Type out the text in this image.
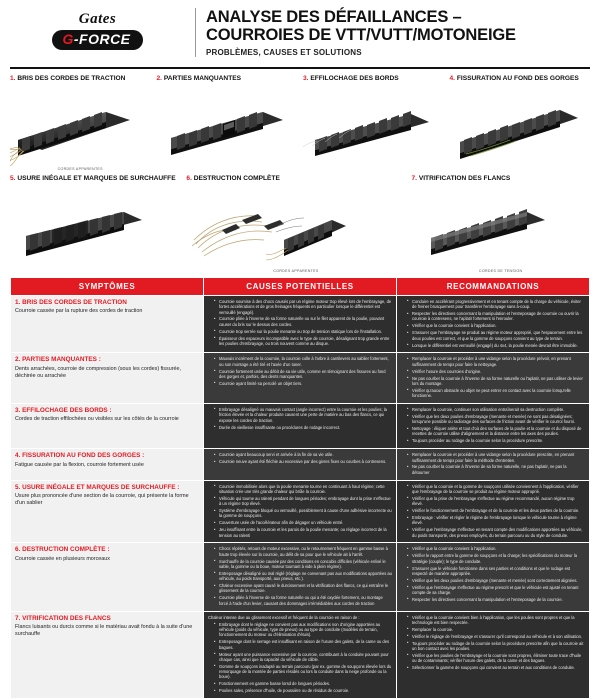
Gates
G-FORCE
ANALYSE DES DÉFAILLANCES –
COURROIES DE VTT/VUTT/MOTONEIGE
PROBLÈMES, CAUSES ET SOLUTIONS
1. BRIS DES CORDES DE TRACTION
CORDES APPARENTES
2. PARTIES MANQUANTES	3. EFFILOCHAGE DES BORDS	4. FISSURATION AU FOND DES GORGES
5. USURE INÉGALE ET MARQUES DE SURCHAUFFE	6. DESTRUCTION COMPLÈTE
CORDES APPARENTES
7. VITRIFICATION DES FLANCS
CORDES DE TENSION
SYMPTÔMES	CAUSES POTENTIELLES	RECOMMANDATIONS

1. BRIS DES CORDES DE TRACTION
Courroie cassée par la rupture des cordes de traction

• Courroie soumise à des chocs causés par un régime moteur trop élevé lors de l'embrayage, de fortes accélérations et de gros freinages fréquents en particulier lorsque le différentiel est verrouillé (engagé).
• Courroie pliée à l'inverse de sa forme naturelle ou sur le filet apparent de la poulie, pouvant causer du bris sur le dessus des cordes.
• Courroie trop serrée sur la poulie menante ou trop de tension statique lors de l'installation.
• Épaisseur des espaceurs incompatible avec le type de courroie, désalignant trop grande entre les poulies d'embrayage, ou trois nouvent comme au disque.

• Conduire en accélérant progressivement et en tenant compte de la charge du véhicule, éviter de freiner brusquement pour transférer l'embrayage sans à-coup.
• Respecter les directives concernant la manipulation et l'entreposage de courroie ou ouvrir la courroie à contresens, ne l'aplatir fortement ni l'enrouler.
• Vérifier que la courroie convient à l'application.
• S'assurer que l'embrayage se produit au régime moteur approprié, que l'espacement entre les deux poulies est correct, et que la gomme de soupçons convient au type de terrain.
• Lorsque le différentiel est verrouillé (engagé) du 4x4, la poulie menée devrait être immobile.

2. PARTIES MANQUANTES :
Dents arrachées, courroie de compression (sous les cordes) fissurée, déchirée ou arrachée

• Mauvais incrément de la courroie, la courroie colle à l'arbre à cantilevers au sablier fortement, ou son montage a été tiré et l'axée d'un tuner.
• Courroie fortement usée au débit de sa vie utile, comme en témoignant des fissures au fond des gorges et, parfois, des dents manquantes.
• Courroie ayant limité sa percolé un objet tiers.

• Remplacer la courroie et procéder à une vidange selon la procédure prévoir, en prenant suffisamment de temps pour faire la nettoyage.
• Vérifier l'usure des courroies d'origine.
• Ne pas courber la courroie à l'inverse de sa forme naturelle ou l'aplatir, ne pas utiliser de levier lors du montage.
• Vérifier qu'aucun obstacle ou objet ne peut entrer en contact avec la courroie lorsqu'elle fonctionne.

3. EFFILOCHAGE DES BORDS :
Cordes de traction effilochées ou visibles sur les côtés de la courroie

• Embrayage désaligné ou mauvais contact (angle incorrect) entre la courroie et les poulies; la friction élevée et la chaleur produite causent une perte de matière au bas des flancs, ce qui expose les cordes de traction.
• Durée de vieillesse insuffisante ou procédures de rodage incorrect.

• Remplacer la courroie, continuer son utilisation entraînerait sa destruction complète.
• Vérifier que les deux poulies d'embrayage (menante et menée) ne sont pas désalignées; lorsqu'une possible ou radiorage des surfaces de friction avant de vérifier le courroi fourni.
• Nettoyage : éliquer ariète et tout d'où des surfaces de la poulie et la courroie et du disposé de recettes de courroie utilise d'alignement et la distance entre les axes des poulies.
• Toujours procéder au rodage de la courroie selon la procédure prescrite.

4. FISSURATION AU FOND DES GORGES :
Fatigue causée par la flexion, courroie fortement usée

• Courroie ayant beaucoup servi et arrivée à la fin de sa vie utile.
• Courroie neuve ayant été fléchie au excessive par des givres fixes ou courbes à contresens.

• Remplacer la courroie et procéder à une vidange selon la procédure prescrite, en prenant suffisamment de temps pour faire la méthode d'entretien.
• Ne pas courber la courroie à l'inverse de sa forme naturelle, ne pas l'aplatir, ne pas la détourner

5. USURE INÉGALE ET MARQUES DE SURCHAUFFE :
Usure plus prononcée d'une section de la courroie, qui présente la forme d'un sablier

• Courroie immobilisée alors que la poulie menante tourne en continuant à haut régime; cette situation crée une très grande chaleur qui brûle la courroie.
• Véhicule qui tourne au ralenti pendant de longues périodes; embrayage dont la prise s'effectue à un régime trop élevé.
• Système d'embrayage bloqué ou verrouillé, possiblement à cause d'une adhésive incorrecte ou la gomme de soupçons.
• Couverture usée de l'accélérateur afin de dégager un véhicule entré.
• Jeu insuffisant entre la courroie et les parois de la poulie menante; ou réglage incorrect de la tension au ralenti

• Vérifier que la courroie et la gomme de soupçons utilisée conviennent à l'application, vérifier que l'embrayage de la courroie se produit au régime moteur approprié.
• Vérifier que la prise de l'embrayage s'effectue au régime recommandé, aucun régime trop élevé.
• Vérifier le fonctionnement de l'embrayage et de la courroie et les deux parties de la courroie.
• Embrayage : vérifier et régler le régime de l'embrayage lorsque le véhicule tourne à régime élevé.
• Vérifier que l'embrayage s'effectue en tenant compte des modifications apportées au véhicule, du poids transporté, des pneus employés, du terrain parcouru ou du style de conduite.

6. DESTRUCTION COMPLÈTE :
Courroie cassée en plusieurs morceaux

• Chocs répétés, retours de moteur excessive, ou le retournement fréquent en gamme basse à haute trop élevée sur la courroie, au délit de sa pour que le véhicule ait à l'arrêt.
• Surchauffe de la courroie causée par des conditions en concubis difficiles (véhicule enlisé le sable, la gomme ou la boue, moteur tournant à vide à plein régime).
• Entreposage désaligné ou mal réglé (réglage ne convenant pas aux modifications apportées au véhicule, au poids transporté, aux pneus, etc.).
• Chaleur excessive ayant causé le durcissement et la vitrification des flancs, ce qui entraîne le glissement de la courroie.
• Courroie pliée à l'inverse de sa forme naturelle ou qui a été oxydée fortement, ou montage forcé à l'aide d'un levier, causant des dommages irrémédiables aux cordes de traction

• Vérifier que la courroie convient à l'application.
• Vérifier le rapport entre la gomme de soupçons et la charge; les spécifications du moteur la stratégie (couple); le type de conduite.
• S'assurer que le véhicule fonctionne dans ses parties et conditions et que le rodage est respecté de manière appropriée.
• Vérifier que les deux poulies d'embrayage (menante et menée) sont correctement alignées.
• Vérifier que l'embrayage s'effectue au régime prescrit et que le véhicule est ajusté en tenant compte de sa charge.
• Respecter les directives concernant la manipulation et l'entreposage de la courroie.

7. VITRIFICATION DES FLANCS
Flancs luisants ou durcis comme si le matériau avait fondu à la suite d'une surchauffe

Chaleur intense due au glissement excessif et fréquent de la courroie en raison de :
• Embrayage dont le réglage ne convient pas aux modifications non d'origine apportées au véhicule (poids du véhicule, type de pneus) ou au type de conduite (modèles de terrain, fonctionnement du moteur ou d'élimination d'étuis).
• Entreposage dont le serrage est insuffisant en raison de l'usure des galets, de la came ou des bagues.
• Moteur ayant une puissance excessive par la courroie, contribuant à la conduite pouvant pour chaque cas, ainsi que la capacité du véhicule de câble.
• Gomme de soupçons inadapté au terrain parcouru (par ex. gomme de soupçons élevée lors du remorquage de la montée de parties résidés ou lors la conduite dans la neige profonde ou la boue).
• Fonctionnement en gamme basse lorsd de longues périodes.
• Poulies sales, présence d'huile, de poussière ou de résidus de courroie.

• Vérifier que la courroie convient bien à l'application, que les poulies sont propres et que la technologie est bien respectée.
• Remplacer la courroie.
• Vérifier le réglage de l'embrayage et s'assurer qu'il correspond au véhicule et à son utilisation.
• Toujours procéder au rodage de la courroie selon la procédure prescrite afin que la courroie ait un bon contact avec les poulies.
• Vérifier que les poulies de l'embrayage et la courroie sont propres, éliminer toute trace d'huile ou de contaminants; vérifier l'usure des galets, de la came et des bagues.
• Sélectionner la gamme de soupçons qui convient au terrain et aux conditions de conduite.
